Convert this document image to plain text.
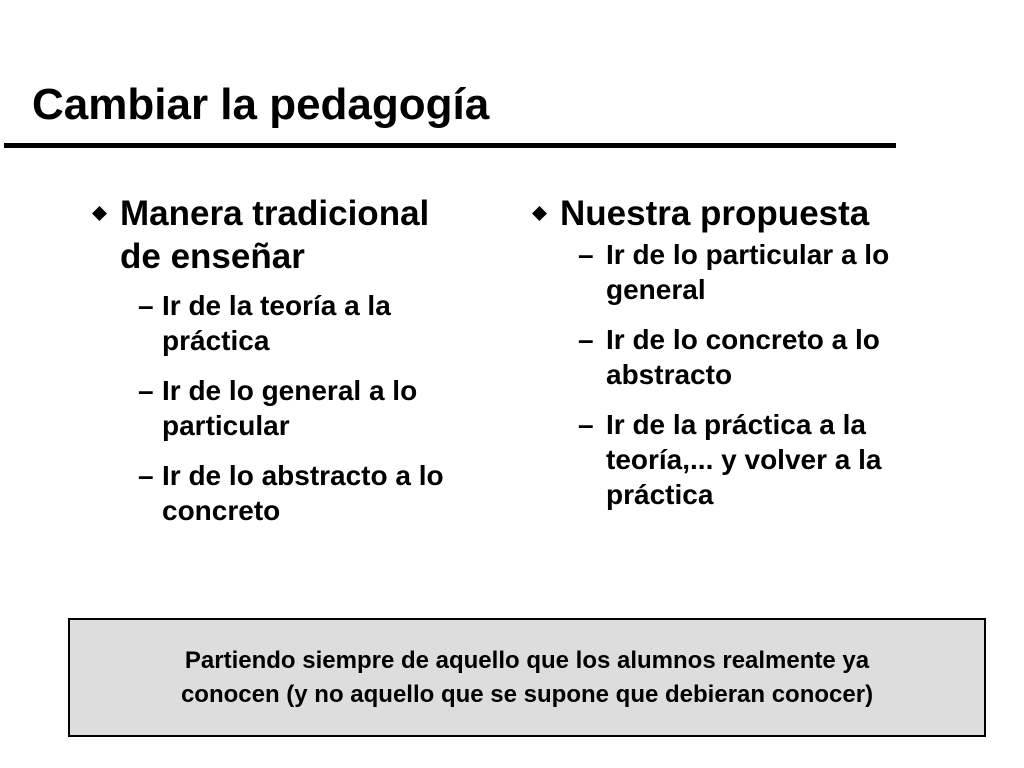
Cambiar la pedagogía
Manera tradicional de enseñar
– Ir de la teoría a la práctica
– Ir de lo general a lo particular
– Ir de lo abstracto a lo concreto
Nuestra propuesta
– Ir de lo particular a lo general
– Ir de lo concreto a lo abstracto
– Ir de la práctica a la teoría,... y volver a la práctica
Partiendo siempre de aquello que los alumnos realmente ya
conocen (y no aquello que se supone que debieran conocer)
